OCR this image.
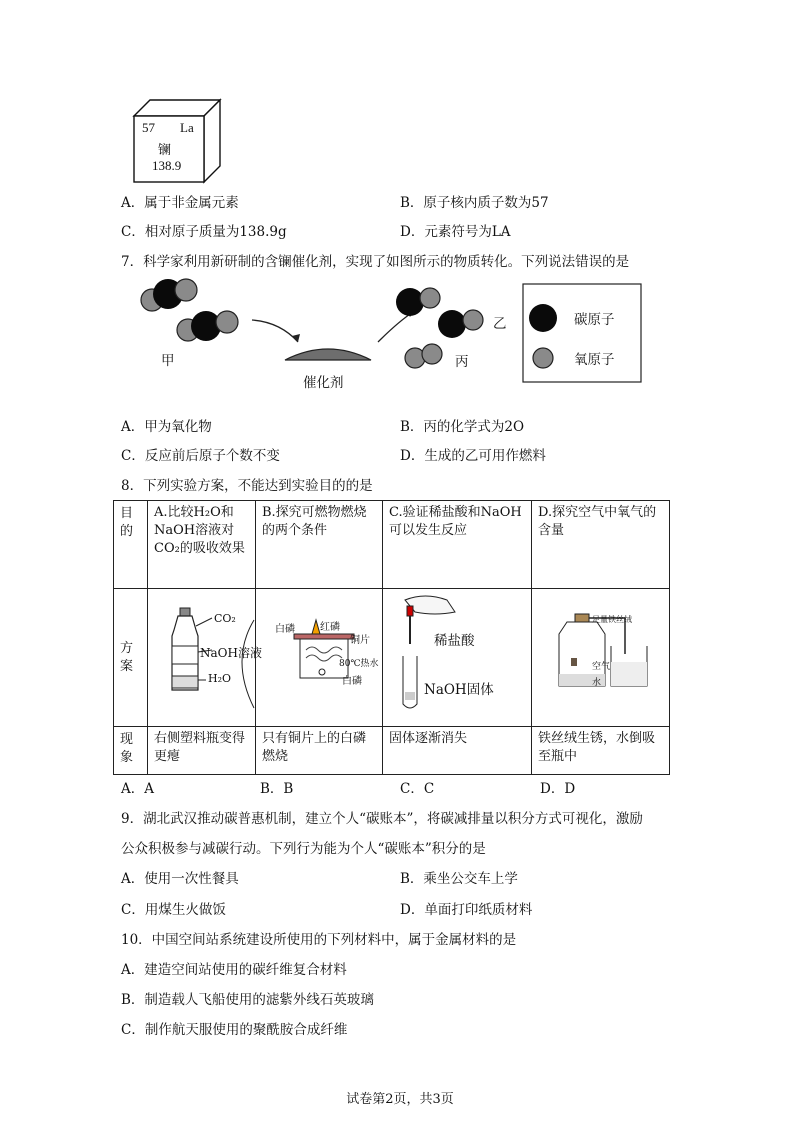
57 La
镧
138.9
A．属于非金属元素	B．原子核内质子数为57
C．相对原子质量为138.9g	D．元素符号为LA
7．科学家利用新研制的含镧催化剂，实现了如图所示的物质转化。下列说法错误的是
甲
催化剂
乙
丙
碳原子
氧原子
A．甲为氧化物	B．丙的化学式为2O
C．反应前后原子个数不变	D．生成的乙可用作燃料
8．下列实验方案，不能达到实验目的的是
目的	A.比较H₂O和NaOH溶液对CO₂的吸收效果	B.探究可燃物燃烧的两个条件	C.验证稀盐酸和NaOH可以发生反应	D.探究空气中氧气的含量
方案				
现象	右侧塑料瓶变得更瘪	只有铜片上的白磷燃烧	固体逐渐消失	铁丝绒生锈，水倒吸至瓶中
CO₂
NaOH溶液
H₂O
白磷	红磷
铜片
80℃热水
白磷
稀盐酸
NaOH固体
足量铁丝绒
空气
水
A．A	B．B	C．C	D．D
9．湖北武汉推动碳普惠机制，建立个人“碳账本”，将碳减排量以积分方式可视化，激励
公众积极参与减碳行动。下列行为能为个人“碳账本”积分的是
A．使用一次性餐具	B．乘坐公交车上学
C．用煤生火做饭	D．单面打印纸质材料
10．中国空间站系统建设所使用的下列材料中，属于金属材料的是
A．建造空间站使用的碳纤维复合材料
B．制造载人飞船使用的滤紫外线石英玻璃
C．制作航天服使用的聚酰胺合成纤维
试卷第2页，共3页
